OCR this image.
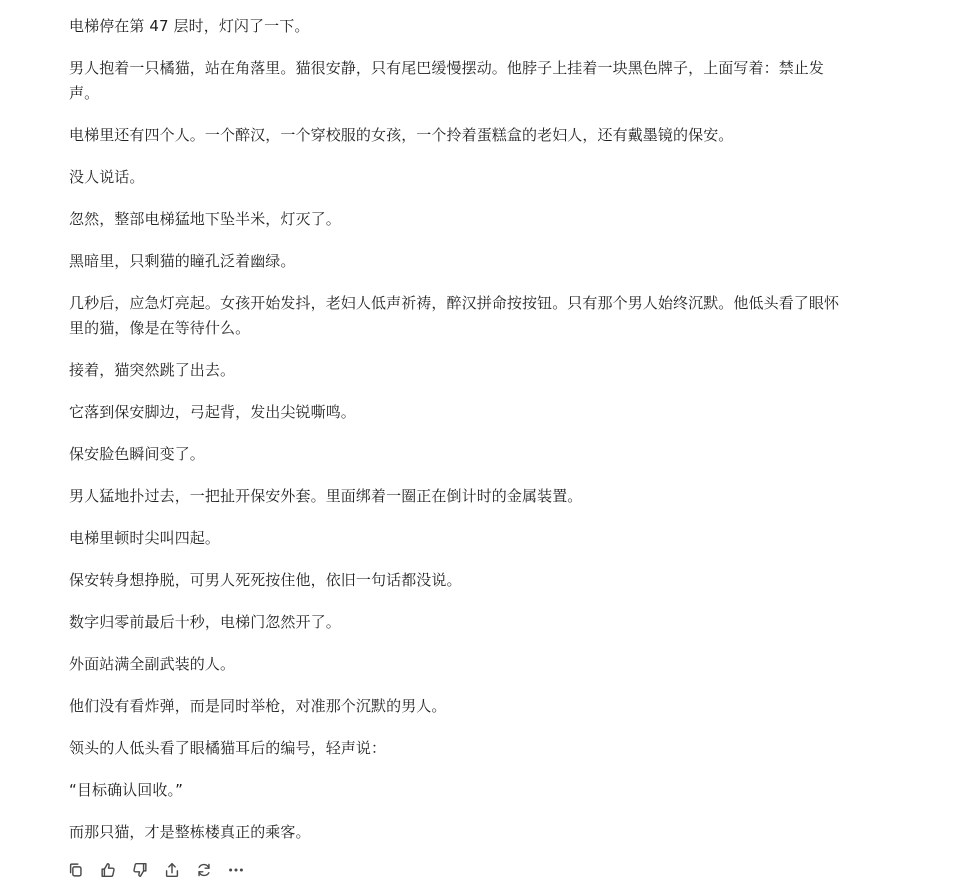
电梯停在第 47 层时，灯闪了一下。

男人抱着一只橘猫，站在角落里。猫很安静，只有尾巴缓慢摆动。他脖子上挂着一块黑色牌子，上面写着：禁止发声。

电梯里还有四个人。一个醉汉，一个穿校服的女孩，一个拎着蛋糕盒的老妇人，还有戴墨镜的保安。

没人说话。

忽然，整部电梯猛地下坠半米，灯灭了。

黑暗里，只剩猫的瞳孔泛着幽绿。

几秒后，应急灯亮起。女孩开始发抖，老妇人低声祈祷，醉汉拼命按按钮。只有那个男人始终沉默。他低头看了眼怀里的猫，像是在等待什么。

接着，猫突然跳了出去。

它落到保安脚边，弓起背，发出尖锐嘶鸣。

保安脸色瞬间变了。

男人猛地扑过去，一把扯开保安外套。里面绑着一圈正在倒计时的金属装置。

电梯里顿时尖叫四起。

保安转身想挣脱，可男人死死按住他，依旧一句话都没说。

数字归零前最后十秒，电梯门忽然开了。

外面站满全副武装的人。

他们没有看炸弹，而是同时举枪，对准那个沉默的男人。

领头的人低头看了眼橘猫耳后的编号，轻声说：

“目标确认回收。”

而那只猫，才是整栋楼真正的乘客。
